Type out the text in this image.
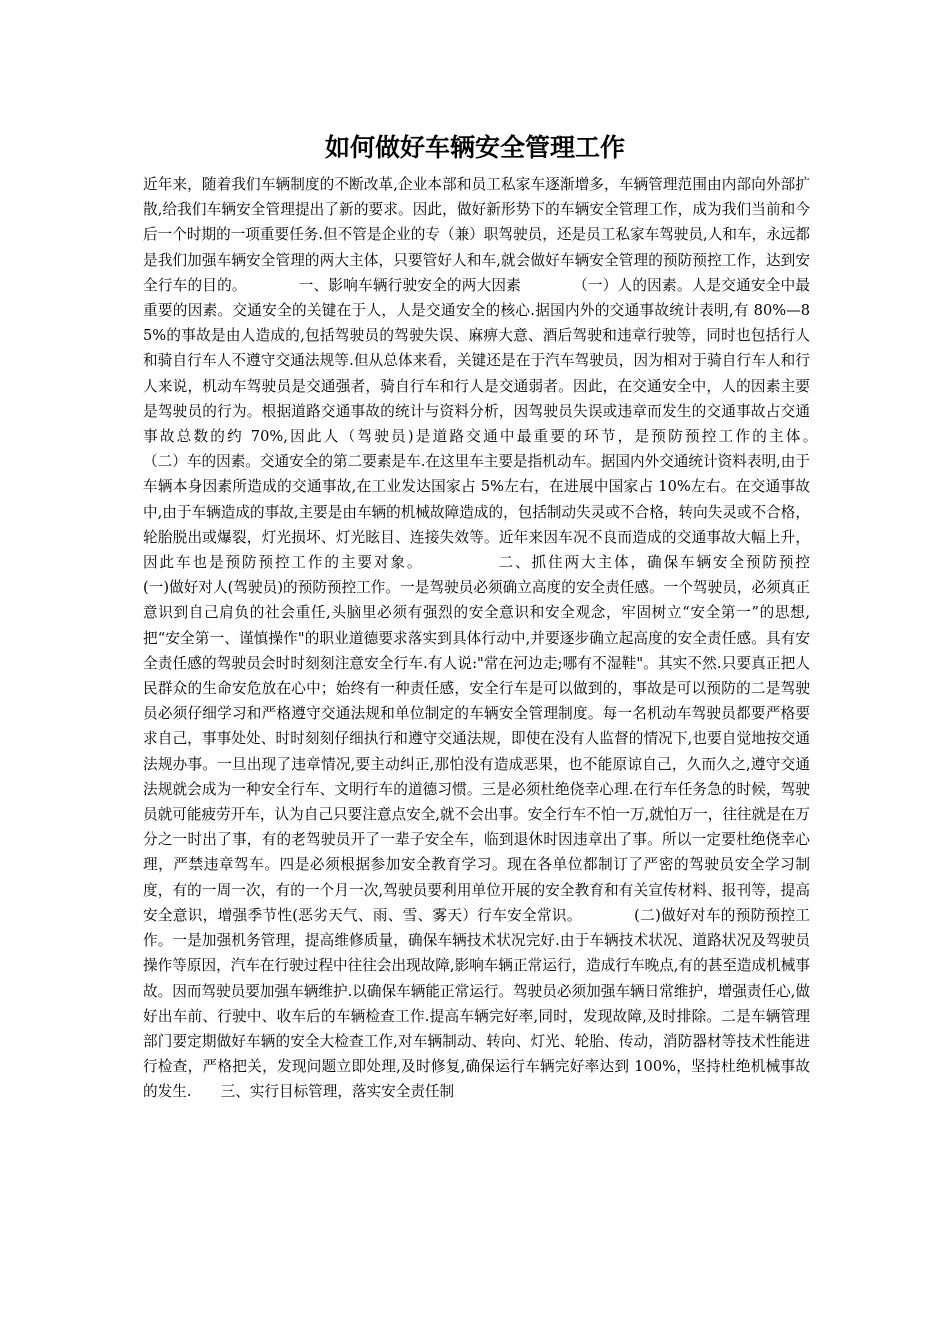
如何做好车辆安全管理工作

近年来，随着我们车辆制度的不断改革,企业本部和员工私家车逐渐增多，车辆管理范围由内部向外部扩散,给我们车辆安全管理提出了新的要求。因此，做好新形势下的车辆安全管理工作，成为我们当前和今后一个时期的一项重要任务.但不管是企业的专（兼）职驾驶员，还是员工私家车驾驶员,人和车，永远都是我们加强车辆安全管理的两大主体，只要管好人和车,就会做好车辆安全管理的预防预控工作，达到安全行车的目的。　　　　一、影响车辆行驶安全的两大因素　　　　（一）人的因素。人是交通安全中最重要的因素。交通安全的关键在于人，人是交通安全的核心.据国内外的交通事故统计表明,有 80%—85%的事故是由人造成的,包括驾驶员的驾驶失误、麻痹大意、酒后驾驶和违章行驶等，同时也包括行人和骑自行车人不遵守交通法规等.但从总体来看，关键还是在于汽车驾驶员，因为相对于骑自行车人和行人来说，机动车驾驶员是交通强者，骑自行车和行人是交通弱者。因此，在交通安全中，人的因素主要是驾驶员的行为。根据道路交通事故的统计与资料分析，因驾驶员失误或违章而发生的交通事故占交通事故总数的约 70%,因此人（驾驶员)是道路交通中最重要的环节，是预防预控工作的主体。　　　　（二）车的因素。交通安全的第二要素是车.在这里车主要是指机动车。据国内外交通统计资料表明,由于车辆本身因素所造成的交通事故,在工业发达国家占 5%左右，在进展中国家占 10%左右。在交通事故中,由于车辆造成的事故,主要是由车辆的机械故障造成的，包括制动失灵或不合格，转向失灵或不合格，轮胎脱出或爆裂，灯光损坏、灯光眩目、连接失效等。近年来因车况不良而造成的交通事故大幅上升，因此车也是预防预控工作的主要对象。　　　　　二、抓住两大主体，确保车辆安全预防预控　　　　(一)做好对人(驾驶员)的预防预控工作。一是驾驶员必须确立高度的安全责任感。一个驾驶员，必须真正意识到自己肩负的社会重任,头脑里必须有强烈的安全意识和安全观念，牢固树立“安全第一”的思想,把“安全第一、谨慎操作"的职业道德要求落实到具体行动中,并要逐步确立起高度的安全责任感。具有安全责任感的驾驶员会时时刻刻注意安全行车.有人说:"常在河边走;哪有不湿鞋"。其实不然.只要真正把人民群众的生命安危放在心中；始终有一种责任感，安全行车是可以做到的，事故是可以预防的二是驾驶员必须仔细学习和严格遵守交通法规和单位制定的车辆安全管理制度。每一名机动车驾驶员都要严格要求自己，事事处处、时时刻刻仔细执行和遵守交通法规，即使在没有人监督的情况下,也要自觉地按交通法规办事。一旦出现了违章情况,要主动纠正,那怕没有造成恶果，也不能原谅自己，久而久之,遵守交通法规就会成为一种安全行车、文明行车的道德习惯。三是必须杜绝侥幸心理.在行车任务急的时候，驾驶员就可能疲劳开车，认为自己只要注意点安全,就不会出事。安全行车不怕一万,就怕万一，往往就是在万分之一时出了事，有的老驾驶员开了一辈子安全车，临到退休时因违章出了事。所以一定要杜绝侥幸心理，严禁违章驾车。四是必须根据参加安全教育学习。现在各单位都制订了严密的驾驶员安全学习制度，有的一周一次，有的一个月一次,驾驶员要利用单位开展的安全教育和有关宣传材料、报刊等，提高安全意识，增强季节性(恶劣天气、雨、雪、雾天）行车安全常识。　　　　(二)做好对车的预防预控工作。一是加强机务管理，提高维修质量，确保车辆技术状况完好.由于车辆技术状况、道路状况及驾驶员操作等原因，汽车在行驶过程中往往会出现故障,影响车辆正常运行，造成行车晚点,有的甚至造成机械事故。因而驾驶员要加强车辆维护.以确保车辆能正常运行。驾驶员必须加强车辆日常维护，增强责任心,做好出车前、行驶中、收车后的车辆检查工作.提高车辆完好率,同时，发现故障,及时排除。二是车辆管理部门要定期做好车辆的安全大检查工作,对车辆制动、转向、灯光、轮胎、传动，消防器材等技术性能进行检查，严格把关，发现问题立即处理,及时修复,确保运行车辆完好率达到 100%，坚持杜绝机械事故的发生.　　三、实行目标管理，落实安全责任制
